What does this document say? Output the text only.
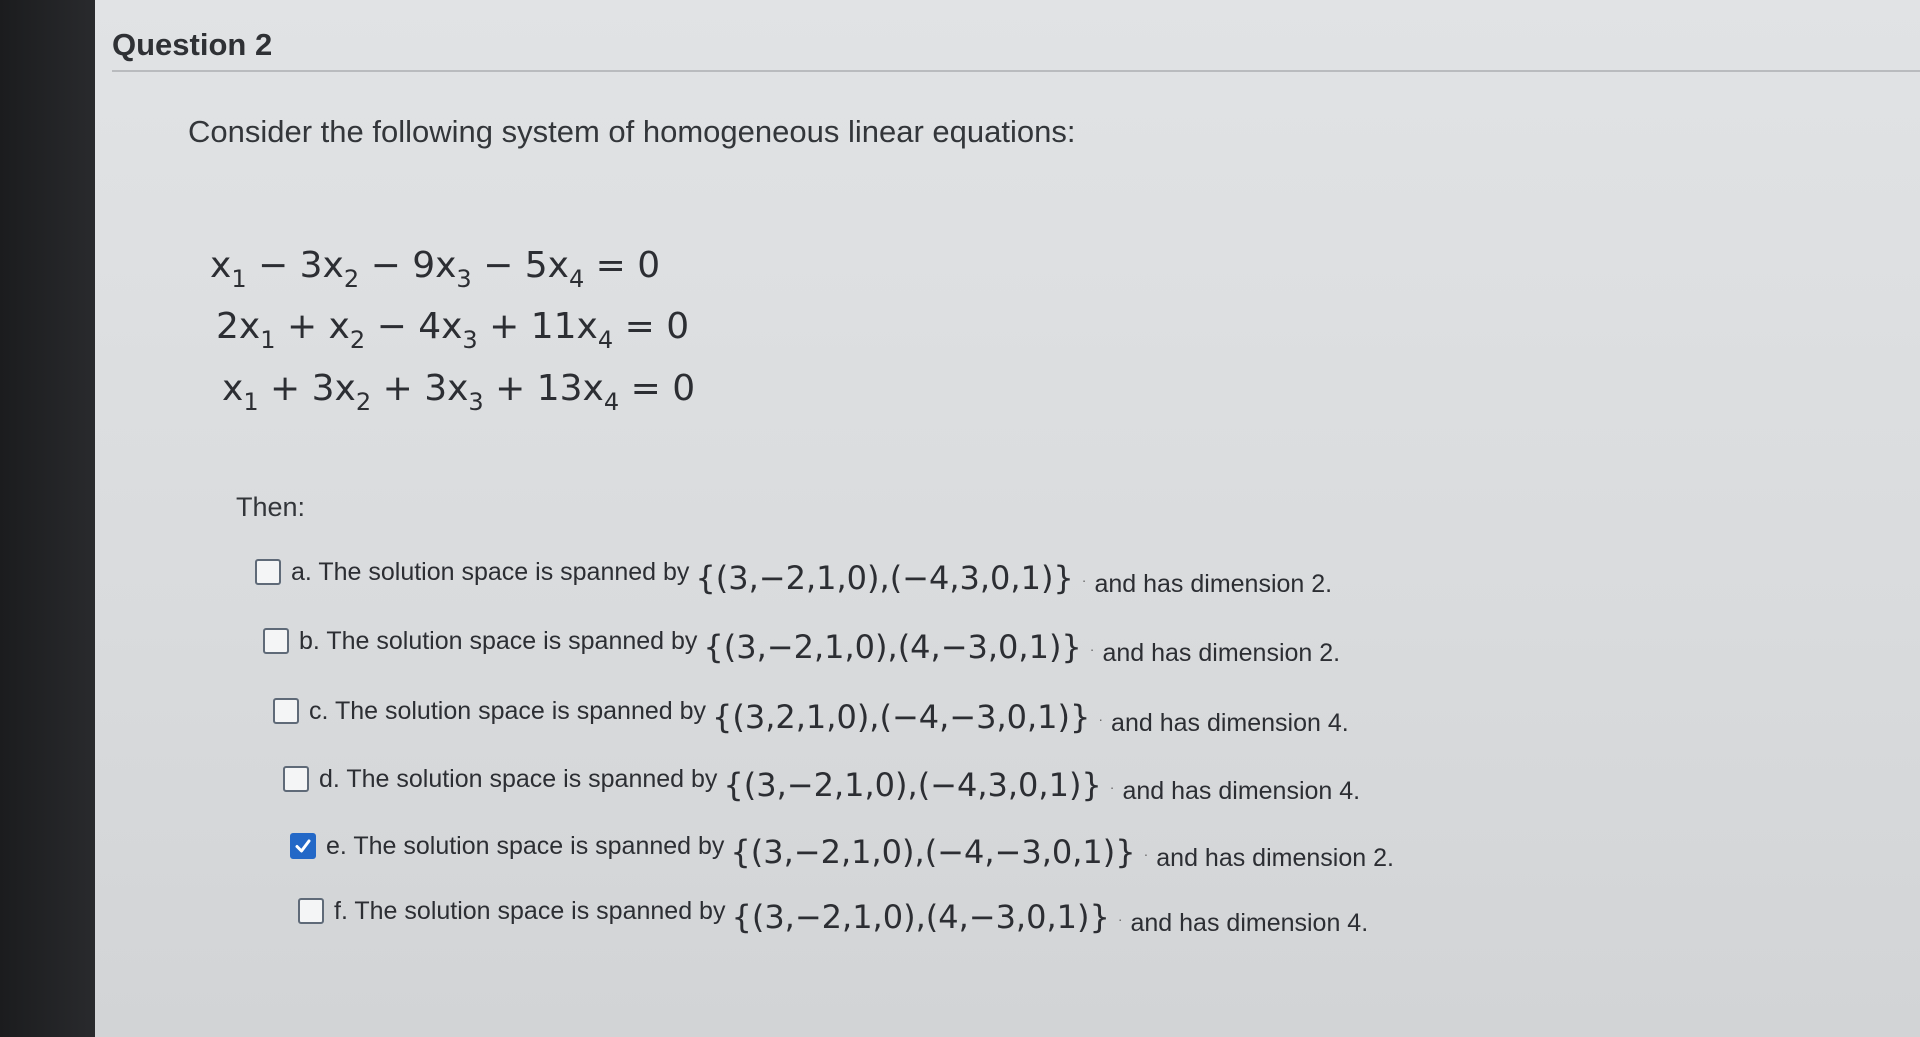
Question 2
Consider the following system of homogeneous linear equations:
$x_1 - 3x_2 - 9x_3 - 5x_4 = 0$
$2x_1 + x_2 - 4x_3 + 11x_4 = 0$
$x_1 + 3x_2 + 3x_3 + 13x_4 = 0$
Then:
a. The solution space is spanned by {(3,−2,1,0),(−4,3,0,1)} · and has dimension 2.
b. The solution space is spanned by {(3,−2,1,0),(4,−3,0,1)} · and has dimension 2.
c. The solution space is spanned by {(3,2,1,0),(−4,−3,0,1)} · and has dimension 4.
d. The solution space is spanned by {(3,−2,1,0),(−4,3,0,1)} · and has dimension 4.
e. The solution space is spanned by {(3,−2,1,0),(−4,−3,0,1)} · and has dimension 2.
f. The solution space is spanned by {(3,−2,1,0),(4,−3,0,1)} · and has dimension 4.
